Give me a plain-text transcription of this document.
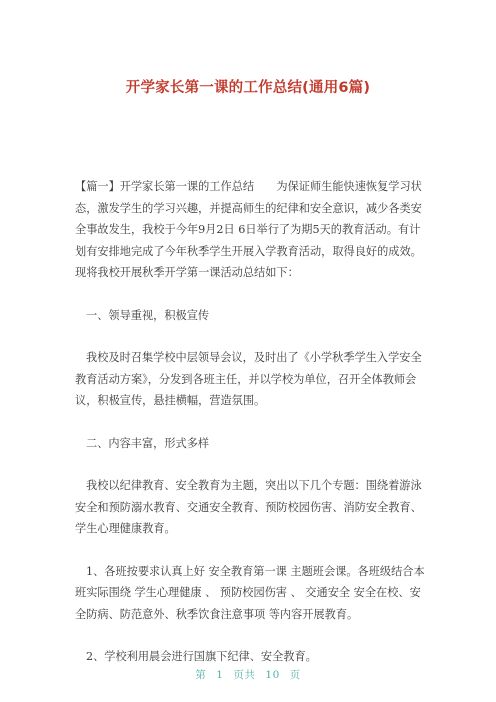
开学家长第一课的工作总结(通用6篇)

【篇一】开学家长第一课的工作总结　　为保证师生能快速恢复学习状态，激发学生的学习兴趣，并提高师生的纪律和安全意识，减少各类安全事故发生，我校于今年9月2日 6日举行了为期5天的教育活动。有计划有安排地完成了今年秋季学生开展入学教育活动，取得良好的成效。现将我校开展秋季开学第一课活动总结如下：

一、领导重视，积极宣传

我校及时召集学校中层领导会议，及时出了《小学秋季学生入学安全教育活动方案》，分发到各班主任，并以学校为单位，召开全体教师会议，积极宣传，悬挂横幅，营造氛围。

二、内容丰富，形式多样

我校以纪律教育、安全教育为主题，突出以下几个专题：围绕着游泳安全和预防溺水教育、交通安全教育、预防校园伤害、消防安全教育、学生心理健康教育。

1、各班按要求认真上好 安全教育第一课 主题班会课。各班级结合本班实际围绕 学生心理健康 、 预防校园伤害 、 交通安全 安全在校、安全防病、防范意外、秋季饮食注意事项 等内容开展教育。

2、学校利用晨会进行国旗下纪律、安全教育。

第 1 页共 10 页
